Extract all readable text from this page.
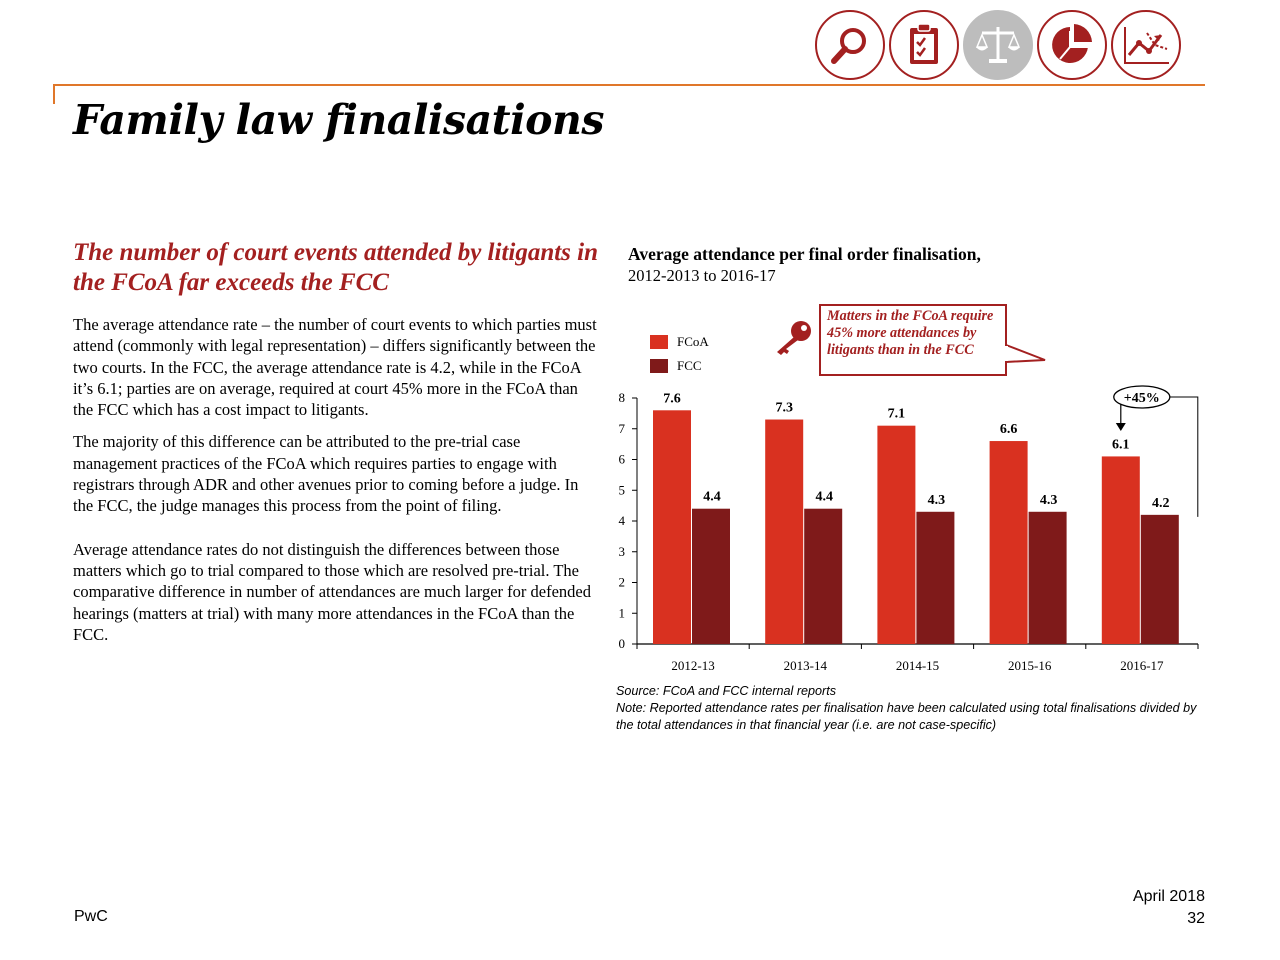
Family law finalisations
The number of court events attended by litigants in the FCoA far exceeds the FCC

The average attendance rate – the number of court events to which parties must attend (commonly with legal representation) – differs significantly between the two courts. In the FCC, the average attendance rate is 4.2, while in the FCoA it’s 6.1; parties are on average, required at court 45% more in the FCoA than the FCC which has a cost impact to litigants.

The majority of this difference can be attributed to the pre-trial case management practices of the FCoA which requires parties to engage with registrars through ADR and other avenues prior to coming before a judge. In the FCC, the judge manages this process from the point of filing.

Average attendance rates do not distinguish the differences between those matters which go to trial compared to those which are resolved pre-trial. The comparative difference in number of attendances are much larger for defended hearings (matters at trial) with many more attendances in the FCoA than the FCC.

Average attendance per final order finalisation,
2012-2013 to 2016-17
FCoA
FCC
Matters in the FCoA require 45% more attendances by litigants than in the FCC
0
1
2
3
4
5
6
7
8	7.6
4.4
2012-13
7.3
4.4
2013-14
7.1
4.3
2014-15
6.6
4.3
2015-16
6.1
4.2
2016-17
+45%
Source: FCoA and FCC internal reports
Note: Reported attendance rates per finalisation have been calculated using total finalisations divided by the total attendances in that financial year (i.e. are not case-specific)
PwC
April 2018
32
